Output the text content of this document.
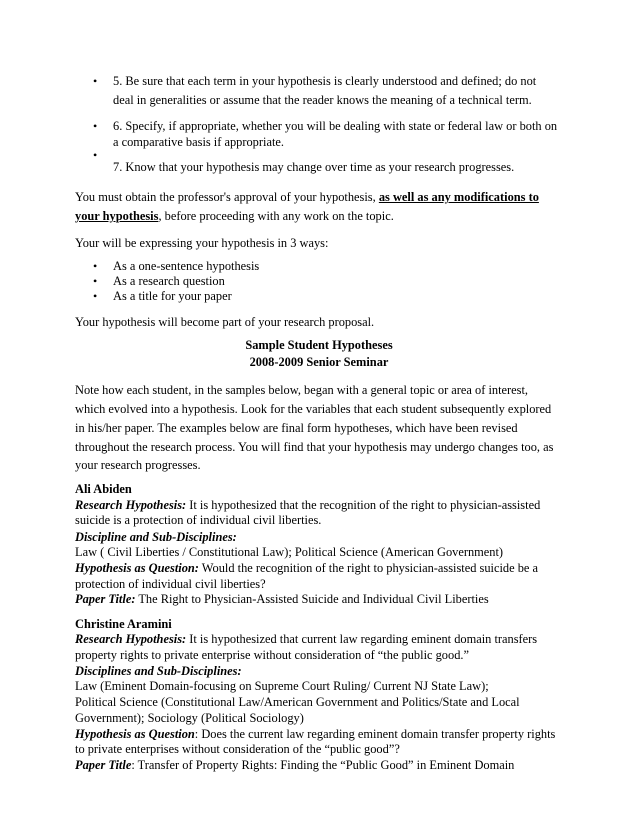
• 5. Be sure that each term in your hypothesis is clearly understood and defined; do not
deal in generalities or assume that the reader knows the meaning of a technical term.
• 6. Specify, if appropriate, whether you will be dealing with state or federal law or both on
a comparative basis if appropriate.
•
7. Know that your hypothesis may change over time as your research progresses.
You must obtain the professor's approval of your hypothesis, as well as any modifications to
your hypothesis, before proceeding with any work on the topic.
Your will be expressing your hypothesis in 3 ways:
• As a one-sentence hypothesis
• As a research question
• As a title for your paper
Your hypothesis will become part of your research proposal.
Sample Student Hypotheses
2008-2009 Senior Seminar
Note how each student, in the samples below, began with a general topic or area of interest,
which evolved into a hypothesis. Look for the variables that each student subsequently explored
in his/her paper. The examples below are final form hypotheses, which have been revised
throughout the research process. You will find that your hypothesis may undergo changes too, as
your research progresses.
Ali Abiden
Research Hypothesis: It is hypothesized that the recognition of the right to physician-assisted
suicide is a protection of individual civil liberties.
Discipline and Sub-Disciplines:
Law ( Civil Liberties / Constitutional Law); Political Science (American Government)
Hypothesis as Question: Would the recognition of the right to physician-assisted suicide be a
protection of individual civil liberties?
Paper Title: The Right to Physician-Assisted Suicide and Individual Civil Liberties
Christine Aramini
Research Hypothesis: It is hypothesized that current law regarding eminent domain transfers
property rights to private enterprise without consideration of “the public good.”
Disciplines and Sub-Disciplines:
Law (Eminent Domain-focusing on Supreme Court Ruling/ Current NJ State Law);
Political Science (Constitutional Law/American Government and Politics/State and Local
Government); Sociology (Political Sociology)
Hypothesis as Question: Does the current law regarding eminent domain transfer property rights
to private enterprises without consideration of the “public good”?
Paper Title: Transfer of Property Rights: Finding the “Public Good” in Eminent Domain
